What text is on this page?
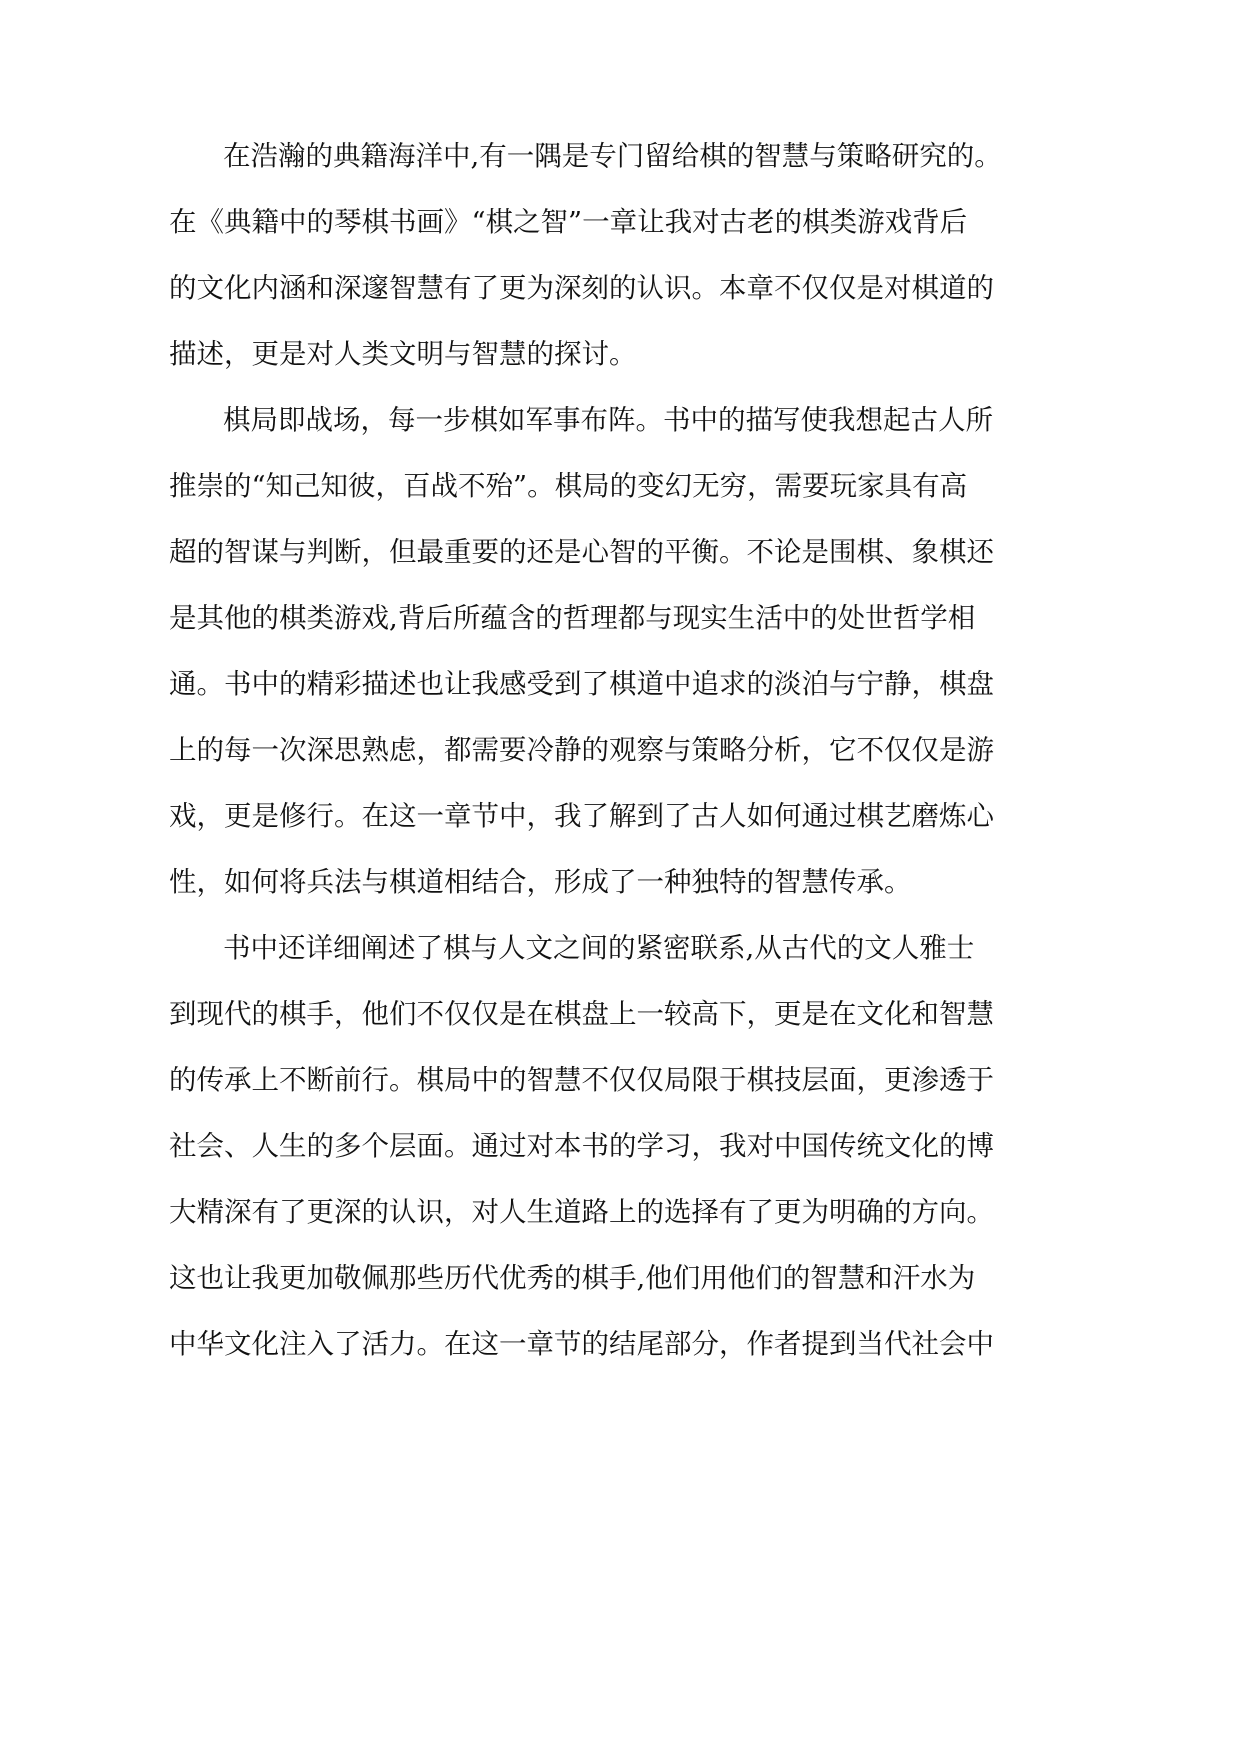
在浩瀚的典籍海洋中,有一隅是专门留给棋的智慧与策略研究的。
在《典籍中的琴棋书画》“棋之智”一章让我对古老的棋类游戏背后
的文化内涵和深邃智慧有了更为深刻的认识。本章不仅仅是对棋道的
描述，更是对人类文明与智慧的探讨。
棋局即战场，每一步棋如军事布阵。书中的描写使我想起古人所
推崇的“知己知彼，百战不殆”。棋局的变幻无穷，需要玩家具有高
超的智谋与判断，但最重要的还是心智的平衡。不论是围棋、象棋还
是其他的棋类游戏,背后所蕴含的哲理都与现实生活中的处世哲学相
通。书中的精彩描述也让我感受到了棋道中追求的淡泊与宁静，棋盘
上的每一次深思熟虑，都需要冷静的观察与策略分析，它不仅仅是游
戏，更是修行。在这一章节中，我了解到了古人如何通过棋艺磨炼心
性，如何将兵法与棋道相结合，形成了一种独特的智慧传承。
书中还详细阐述了棋与人文之间的紧密联系,从古代的文人雅士
到现代的棋手，他们不仅仅是在棋盘上一较高下，更是在文化和智慧
的传承上不断前行。棋局中的智慧不仅仅局限于棋技层面，更渗透于
社会、人生的多个层面。通过对本书的学习，我对中国传统文化的博
大精深有了更深的认识，对人生道路上的选择有了更为明确的方向。
这也让我更加敬佩那些历代优秀的棋手,他们用他们的智慧和汗水为
中华文化注入了活力。在这一章节的结尾部分，作者提到当代社会中
